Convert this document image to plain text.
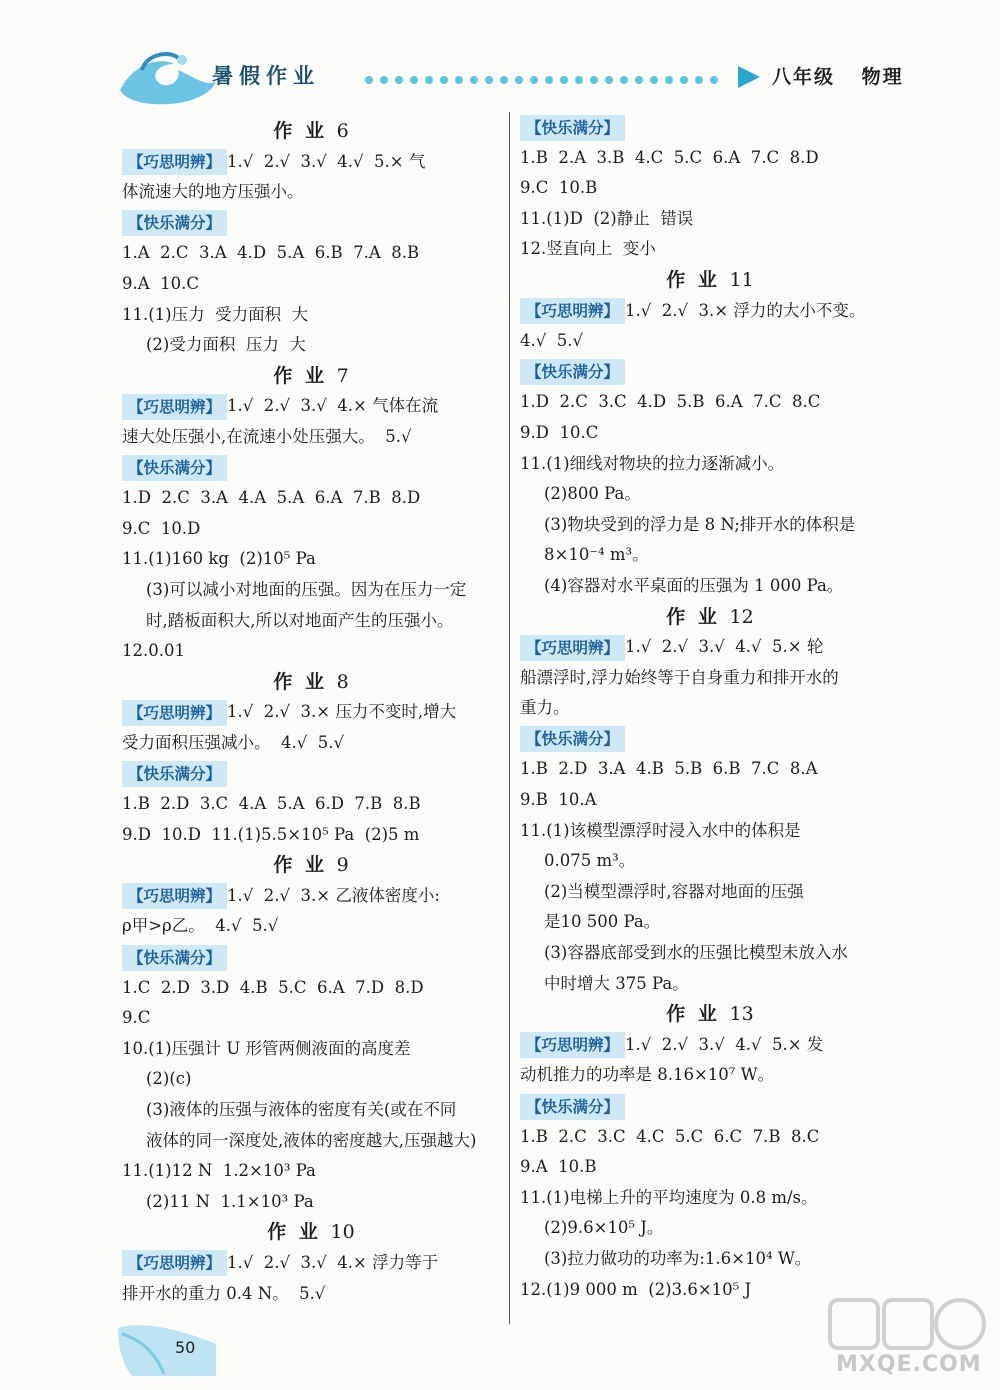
暑假作业	八年级 物理
作 业 6
【巧思明辨】 1.√  2.√  3.√  4.√  5.× 气
体流速大的地方压强小。
【快乐满分】
1.A  2.C  3.A  4.D  5.A  6.B  7.A  8.B
9.A  10.C
11.(1)压力  受力面积  大
(2)受力面积  压力  大
作 业 7
【巧思明辨】 1.√  2.√  3.√  4.× 气体在流
速大处压强小,在流速小处压强大。  5.√
【快乐满分】
1.D  2.C  3.A  4.A  5.A  6.A  7.B  8.D
9.C  10.D
11.(1)160 kg  (2)10⁵ Pa
(3)可以减小对地面的压强。因为在压力一定
时,踏板面积大,所以对地面产生的压强小。
12.0.01
作 业 8
【巧思明辨】 1.√  2.√  3.× 压力不变时,增大
受力面积压强减小。  4.√  5.√
【快乐满分】
1.B  2.D  3.C  4.A  5.A  6.D  7.B  8.B
9.D  10.D  11.(1)5.5×10⁵ Pa  (2)5 m
作 业 9
【巧思明辨】 1.√  2.√  3.× 乙液体密度小:
ρ甲>ρ乙。  4.√  5.√
【快乐满分】
1.C  2.D  3.D  4.B  5.C  6.A  7.D  8.D
9.C
10.(1)压强计 U 形管两侧液面的高度差
(2)(c)
(3)液体的压强与液体的密度有关(或在不同
液体的同一深度处,液体的密度越大,压强越大)
11.(1)12 N  1.2×10³ Pa
(2)11 N  1.1×10³ Pa
作 业 10
【巧思明辨】 1.√  2.√  3.√  4.× 浮力等于
排开水的重力 0.4 N。  5.√
【快乐满分】
1.B  2.A  3.B  4.C  5.C  6.A  7.C  8.D
9.C  10.B
11.(1)D  (2)静止  错误
12.竖直向上  变小
作 业 11
【巧思明辨】 1.√  2.√  3.× 浮力的大小不变。
4.√  5.√
【快乐满分】
1.D  2.C  3.C  4.D  5.B  6.A  7.C  8.C
9.D  10.C
11.(1)细线对物块的拉力逐渐减小。
(2)800 Pa。
(3)物块受到的浮力是 8 N;排开水的体积是
8×10⁻⁴ m³。
(4)容器对水平桌面的压强为 1 000 Pa。
作 业 12
【巧思明辨】 1.√  2.√  3.√  4.√  5.× 轮
船漂浮时,浮力始终等于自身重力和排开水的
重力。
【快乐满分】
1.B  2.D  3.A  4.B  5.B  6.B  7.C  8.A
9.B  10.A
11.(1)该模型漂浮时浸入水中的体积是
0.075 m³。
(2)当模型漂浮时,容器对地面的压强
是10 500 Pa。
(3)容器底部受到水的压强比模型未放入水
中时增大 375 Pa。
作 业 13
【巧思明辨】 1.√  2.√  3.√  4.√  5.× 发
动机推力的功率是 8.16×10⁷ W。
【快乐满分】
1.B  2.C  3.C  4.C  5.C  6.C  7.B  8.C
9.A  10.B
11.(1)电梯上升的平均速度为 0.8 m/s。
(2)9.6×10⁵ J。
(3)拉力做功的功率为:1.6×10⁴ W。
12.(1)9 000 m  (2)3.6×10⁵ J
50
MXQE.COM
